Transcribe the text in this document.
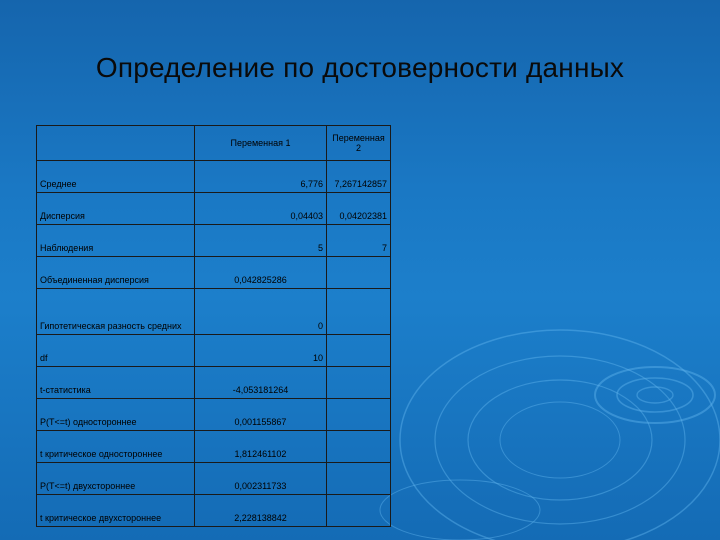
Определение по достоверности данных
	Переменная 1	Переменная 2
Среднее	6,776	7,267142857
Дисперсия	0,04403	0,04202381
Наблюдения	5	7
Объединенная дисперсия	0,042825286	
Гипотетическая разность средних	0	
df	10	
t-статистика	-4,053181264	
P(T<=t) одностороннее	0,001155867	
t критическое одностороннее	1,812461102	
P(T<=t) двухстороннее	0,002311733	
t критическое двухстороннее	2,228138842	
